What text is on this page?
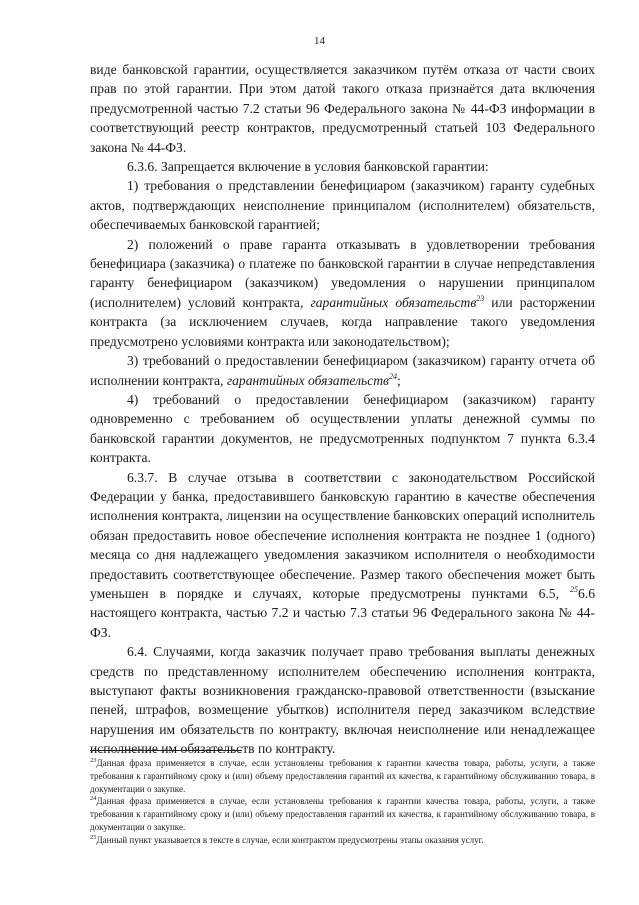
14

виде банковской гарантии, осуществляется заказчиком путём отказа от части своих прав по этой гарантии. При этом датой такого отказа признаётся дата включения предусмотренной частью 7.2 статьи 96 Федерального закона № 44-ФЗ информации в соответствующий реестр контрактов, предусмотренный статьей 103 Федерального закона № 44-ФЗ.

6.3.6. Запрещается включение в условия банковской гарантии:

1) требования о представлении бенефициаром (заказчиком) гаранту судебных актов, подтверждающих неисполнение принципалом (исполнителем) обязательств, обеспечиваемых банковской гарантией;

2) положений о праве гаранта отказывать в удовлетворении требования бенефициара (заказчика) о платеже по банковской гарантии в случае непредставления гаранту бенефициаром (заказчиком) уведомления о нарушении принципалом (исполнителем) условий контракта, гарантийных обязательств$^{23}$ или расторжении контракта (за исключением случаев, когда направление такого уведомления предусмотрено условиями контракта или законодательством);

3) требований о предоставлении бенефициаром (заказчиком) гаранту отчета об исполнении контракта, гарантийных обязательств$^{24}$;

4) требований о предоставлении бенефициаром (заказчиком) гаранту одновременно с требованием об осуществлении уплаты денежной суммы по банковской гарантии документов, не предусмотренных подпунктом 7 пункта 6.3.4 контракта.

6.3.7. В случае отзыва в соответствии с законодательством Российской Федерации у банка, предоставившего банковскую гарантию в качестве обеспечения исполнения контракта, лицензии на осуществление банковских операций исполнитель обязан предоставить новое обеспечение исполнения контракта не позднее 1 (одного) месяца со дня надлежащего уведомления заказчиком исполнителя о необходимости предоставить соответствующее обеспечение. Размер такого обеспечения может быть уменьшен в порядке и случаях, которые предусмотрены пунктами 6.5, $^{25}$6.6 настоящего контракта, частью 7.2 и частью 7.3 статьи 96 Федерального закона № 44-ФЗ.

6.4. Случаями, когда заказчик получает право требования выплаты денежных средств по представленному исполнителем обеспечению исполнения контракта, выступают факты возникновения гражданско-правовой ответственности (взыскание пеней, штрафов, возмещение убытков) исполнителя перед заказчиком вследствие нарушения им обязательств по контракту, включая неисполнение или ненадлежащее исполнение им обязательств по контракту.

$^{23}$Данная фраза применяется в случае, если установлены требования к гарантии качества товара, работы, услуги, а также требования к гарантийному сроку и (или) объему предоставления гарантий их качества, к гарантийному обслуживанию товара, в документации о закупке.

$^{24}$Данная фраза применяется в случае, если установлены требования к гарантии качества товара, работы, услуги, а также требования к гарантийному сроку и (или) объему предоставления гарантий их качества, к гарантийному обслуживанию товара, в документации о закупке.

$^{25}$Данный пункт указывается в тексте в случае, если контрактом предусмотрены этапы оказания услуг.
